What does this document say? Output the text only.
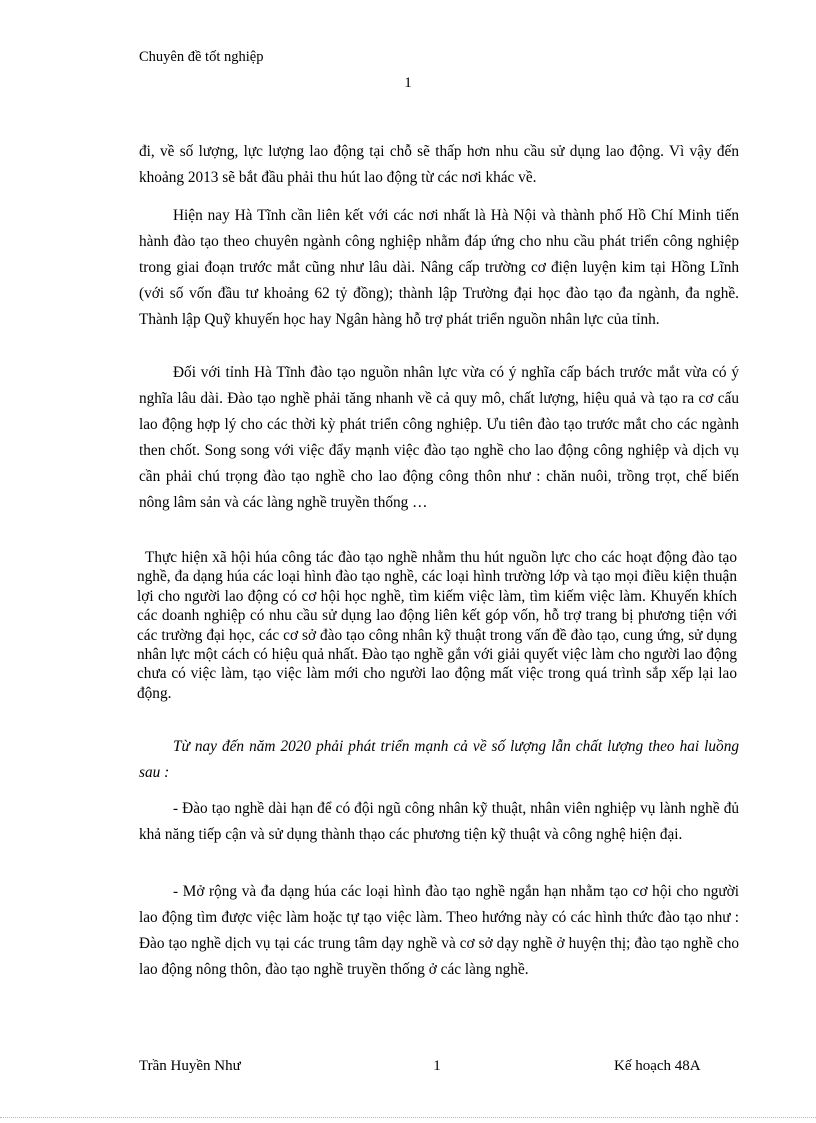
Chuyên đề tốt nghiệp
1

đi, về số lượng, lực lượng lao động tại chỗ sẽ thấp hơn nhu cầu sử dụng lao động. Vì vậy đến khoảng 2013 sẽ bắt đầu phải thu hút lao động từ các nơi khác về.

Hiện nay Hà Tĩnh cần liên kết với các nơi nhất là Hà Nội và thành phố Hồ Chí Minh tiến hành đào tạo theo chuyên ngành công nghiệp nhằm đáp ứng cho nhu cầu phát triển công nghiệp trong giai đoạn trước mắt cũng như lâu dài. Nâng cấp trường cơ điện luyện kim tại Hồng Lĩnh (với số vốn đầu tư khoảng 62 tỷ đồng); thành lập Trường đại học đào tạo đa ngành, đa nghề. Thành lập Quỹ khuyến học hay Ngân hàng hỗ trợ phát triển nguồn nhân lực của tỉnh.

Đối với tỉnh Hà Tĩnh đào tạo nguồn nhân lực vừa có ý nghĩa cấp bách trước mắt vừa có ý nghĩa lâu dài. Đào tạo nghề phải tăng nhanh về cả quy mô, chất lượng, hiệu quả và tạo ra cơ cấu lao động hợp lý cho các thời kỳ phát triển công nghiệp. Ưu tiên đào tạo trước mắt cho các ngành then chốt. Song song với việc đẩy mạnh việc đào tạo nghề cho lao động công nghiệp và dịch vụ cần phải chú trọng đào tạo nghề cho lao động công thôn như : chăn nuôi, trồng trọt, chế biến nông lâm sản và các làng nghề truyền thống …

Thực hiện xã hội húa công tác đào tạo nghề nhằm thu hút nguồn lực cho các hoạt động đào tạo nghề, đa dạng húa các loại hình đào tạo nghề, các loại hình trường lớp và tạo mọi điều kiện thuận lợi cho người lao động có cơ hội học nghề, tìm kiếm việc làm, tìm kiếm việc làm. Khuyến khích các doanh nghiệp có nhu cầu sử dụng lao động liên kết góp vốn, hỗ trợ trang bị phương tiện với các trường đại học, các cơ sở đào tạo công nhân kỹ thuật trong vấn đề đào tạo, cung ứng, sử dụng nhân lực một cách có hiệu quả nhất. Đào tạo nghề gắn với giải quyết việc làm cho người lao động chưa có việc làm, tạo việc làm mới cho người lao động mất việc trong quá trình sắp xếp lại lao động.

Từ nay đến năm 2020 phải phát triển mạnh cả về số lượng lẫn chất lượng theo hai luồng sau :

- Đào tạo nghề dài hạn để có đội ngũ công nhân kỹ thuật, nhân viên nghiệp vụ lành nghề đủ khả năng tiếp cận và sử dụng thành thạo các phương tiện kỹ thuật và công nghệ hiện đại.

- Mở rộng và đa dạng húa các loại hình đào tạo nghề ngắn hạn nhằm tạo cơ hội cho người lao động tìm được việc làm hoặc tự tạo việc làm. Theo hướng này có các hình thức đào tạo như : Đào tạo nghề dịch vụ tại các trung tâm dạy nghề và cơ sở dạy nghề ở huyện thị; đào tạo nghề cho lao động nông thôn, đào tạo nghề truyền thống ở các làng nghề.

Trần Huyền Như	1	Kế hoạch 48A
